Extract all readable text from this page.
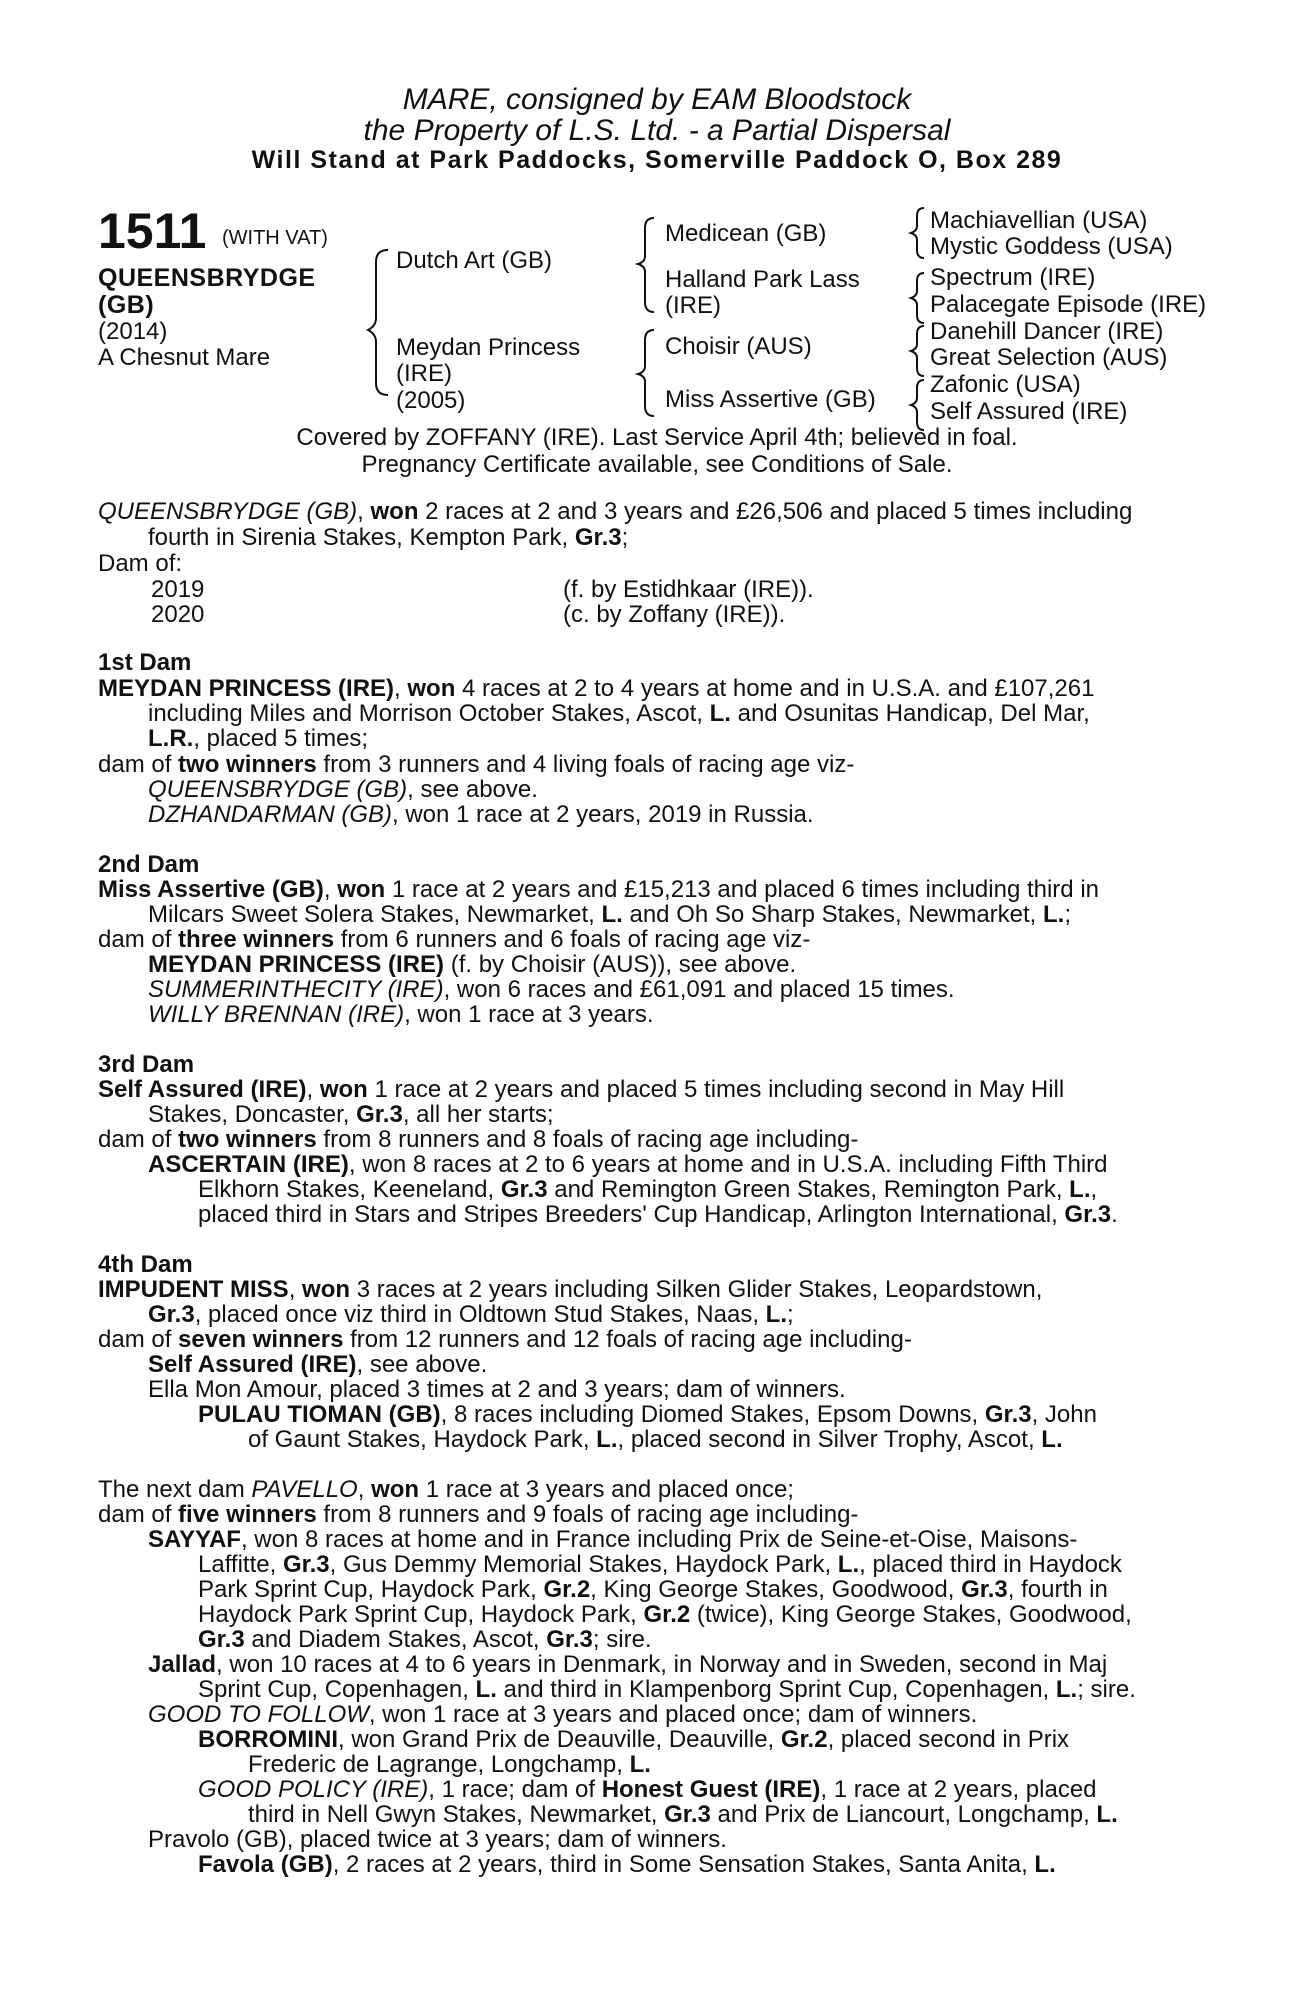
MARE, consigned by EAM Bloodstock
the Property of L.S. Ltd. - a Partial Dispersal
Will Stand at Park Paddocks, Somerville Paddock O, Box 289
1511 (WITH VAT)
QUEENSBRYDGE
(GB)
(2014)
A Chesnut Mare
Dutch Art (GB)
Meydan Princess
(IRE)
(2005)
Medicean (GB)
Halland Park Lass
(IRE)
Choisir (AUS)
Miss Assertive (GB)
Machiavellian (USA)
Mystic Goddess (USA)
Spectrum (IRE)
Palacegate Episode (IRE)
Danehill Dancer (IRE)
Great Selection (AUS)
Zafonic (USA)
Self Assured (IRE)
Covered by ZOFFANY (IRE). Last Service April 4th; believed in foal.
Pregnancy Certificate available, see Conditions of Sale.
QUEENSBRYDGE (GB), won 2 races at 2 and 3 years and £26,506 and placed 5 times including
fourth in Sirenia Stakes, Kempton Park, Gr.3;
Dam of:
2019	(f. by Estidhkaar (IRE)).
2020	(c. by Zoffany (IRE)).
1st Dam
MEYDAN PRINCESS (IRE), won 4 races at 2 to 4 years at home and in U.S.A. and £107,261
including Miles and Morrison October Stakes, Ascot, L. and Osunitas Handicap, Del Mar,
L.R., placed 5 times;
dam of two winners from 3 runners and 4 living foals of racing age viz-
QUEENSBRYDGE (GB), see above.
DZHANDARMAN (GB), won 1 race at 2 years, 2019 in Russia.
2nd Dam
Miss Assertive (GB), won 1 race at 2 years and £15,213 and placed 6 times including third in
Milcars Sweet Solera Stakes, Newmarket, L. and Oh So Sharp Stakes, Newmarket, L.;
dam of three winners from 6 runners and 6 foals of racing age viz-
MEYDAN PRINCESS (IRE) (f. by Choisir (AUS)), see above.
SUMMERINTHECITY (IRE), won 6 races and £61,091 and placed 15 times.
WILLY BRENNAN (IRE), won 1 race at 3 years.
3rd Dam
Self Assured (IRE), won 1 race at 2 years and placed 5 times including second in May Hill
Stakes, Doncaster, Gr.3, all her starts;
dam of two winners from 8 runners and 8 foals of racing age including-
ASCERTAIN (IRE), won 8 races at 2 to 6 years at home and in U.S.A. including Fifth Third
Elkhorn Stakes, Keeneland, Gr.3 and Remington Green Stakes, Remington Park, L.,
placed third in Stars and Stripes Breeders' Cup Handicap, Arlington International, Gr.3.
4th Dam
IMPUDENT MISS, won 3 races at 2 years including Silken Glider Stakes, Leopardstown,
Gr.3, placed once viz third in Oldtown Stud Stakes, Naas, L.;
dam of seven winners from 12 runners and 12 foals of racing age including-
Self Assured (IRE), see above.
Ella Mon Amour, placed 3 times at 2 and 3 years; dam of winners.
PULAU TIOMAN (GB), 8 races including Diomed Stakes, Epsom Downs, Gr.3, John
of Gaunt Stakes, Haydock Park, L., placed second in Silver Trophy, Ascot, L.
The next dam PAVELLO, won 1 race at 3 years and placed once;
dam of five winners from 8 runners and 9 foals of racing age including-
SAYYAF, won 8 races at home and in France including Prix de Seine-et-Oise, Maisons-
Laffitte, Gr.3, Gus Demmy Memorial Stakes, Haydock Park, L., placed third in Haydock
Park Sprint Cup, Haydock Park, Gr.2, King George Stakes, Goodwood, Gr.3, fourth in
Haydock Park Sprint Cup, Haydock Park, Gr.2 (twice), King George Stakes, Goodwood,
Gr.3 and Diadem Stakes, Ascot, Gr.3; sire.
Jallad, won 10 races at 4 to 6 years in Denmark, in Norway and in Sweden, second in Maj
Sprint Cup, Copenhagen, L. and third in Klampenborg Sprint Cup, Copenhagen, L.; sire.
GOOD TO FOLLOW, won 1 race at 3 years and placed once; dam of winners.
BORROMINI, won Grand Prix de Deauville, Deauville, Gr.2, placed second in Prix
Frederic de Lagrange, Longchamp, L.
GOOD POLICY (IRE), 1 race; dam of Honest Guest (IRE), 1 race at 2 years, placed
third in Nell Gwyn Stakes, Newmarket, Gr.3 and Prix de Liancourt, Longchamp, L.
Pravolo (GB), placed twice at 3 years; dam of winners.
Favola (GB), 2 races at 2 years, third in Some Sensation Stakes, Santa Anita, L.
